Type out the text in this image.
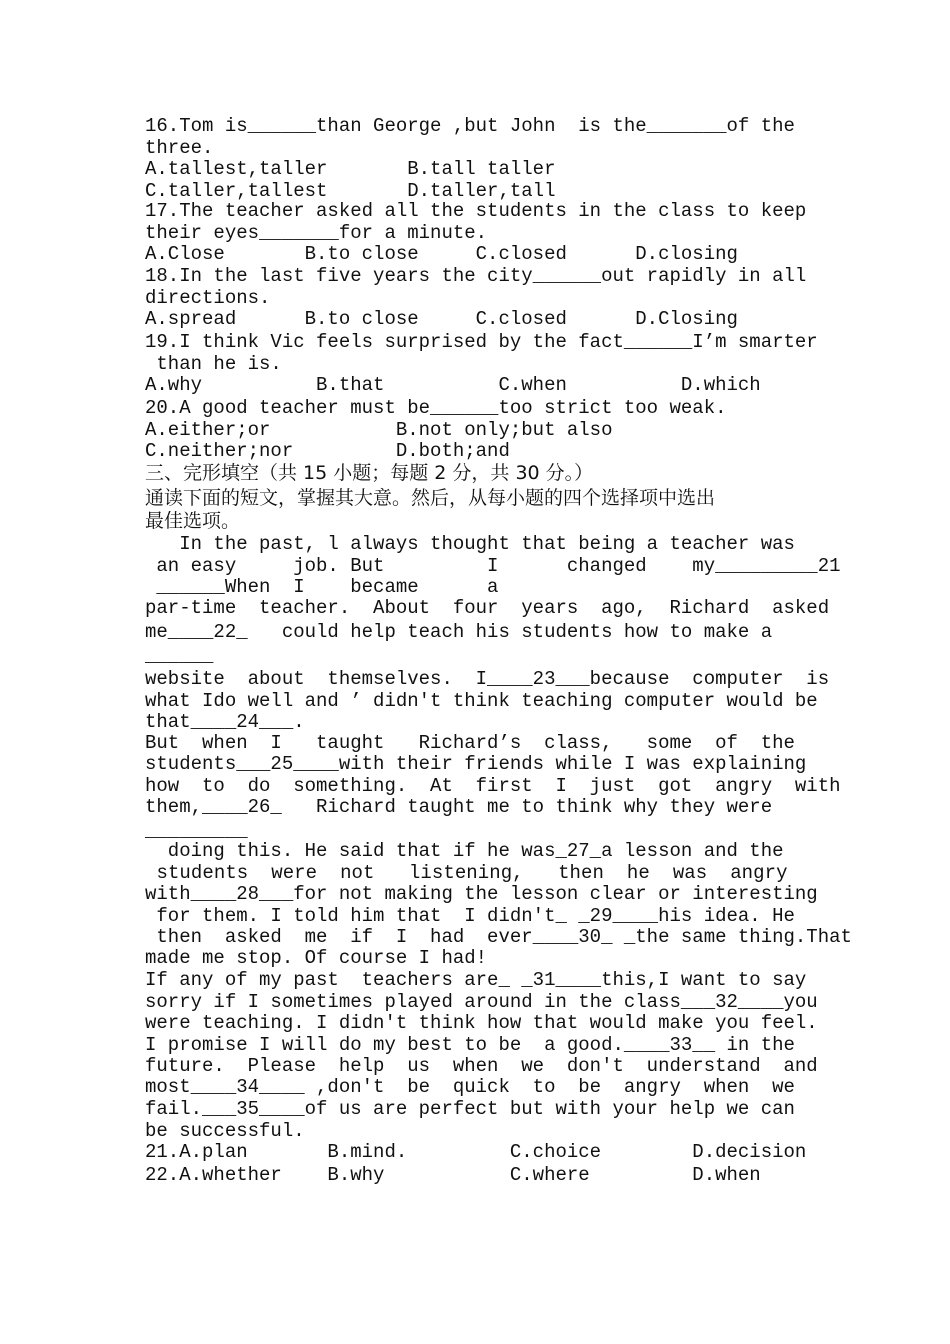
16.Tom is______than George ,but John  is the_______of the
three.
A.tallest,taller       B.tall taller
C.taller,tallest       D.taller,tall
17.The teacher asked all the students in the class to keep
their eyes_______for a minute.
A.Close       B.to close     C.closed      D.closing
18.In the last five years the city______out rapidly in all
directions.
A.spread      B.to close     C.closed      D.Closing
19.I think Vic feels surprised by the fact______I’m smarter
than he is.
A.why          B.that          C.when          D.which
20.A good teacher must be______too strict too weak.
A.either;or           B.not only;but also
C.neither;nor         D.both;and
三、完形填空（共 15 小题；每题 2 分，共 30 分。）
通读下面的短文，掌握其大意。然后，从每小题的四个选择项中选出
最佳选项。
In the past, l always thought that being a teacher was
an easy     job. But         I      changed    my_________21
______When  I    became      a
par-time  teacher.  About  four  years  ago,  Richard  asked
me____22_   could help teach his students how to make a
______
website  about  themselves.  I____23___because  computer  is
what Ido well and ’ didn't think teaching computer would be
that____24___.
But  when  I   taught   Richard’s  class,   some  of  the
students___25____with their friends while I was explaining
how  to  do  something.  At  first  I  just  got  angry  with
them,____26_   Richard taught me to think why they were
_________
doing this. He said that if he was_27_a lesson and the
students  were  not   listening,   then  he  was  angry
with____28___for not making the lesson clear or interesting
for them. I told him that  I didn't_ _29____his idea. He
then  asked  me  if  I  had  ever____30_ _the same thing.That
made me stop. Of course I had!
If any of my past  teachers are_ _31____this,I want to say
sorry if I sometimes played around in the class___32____you
were teaching. I didn't think how that would make you feel.
I promise I will do my best to be  a good.____33__ in the
future.  Please  help  us  when  we  don't  understand  and
most____34____ ,don't  be  quick  to  be  angry  when  we
fail.___35____of us are perfect but with your help we can
be successful.
21.A.plan       B.mind.         C.choice        D.decision
22.A.whether    B.why           C.where         D.when
